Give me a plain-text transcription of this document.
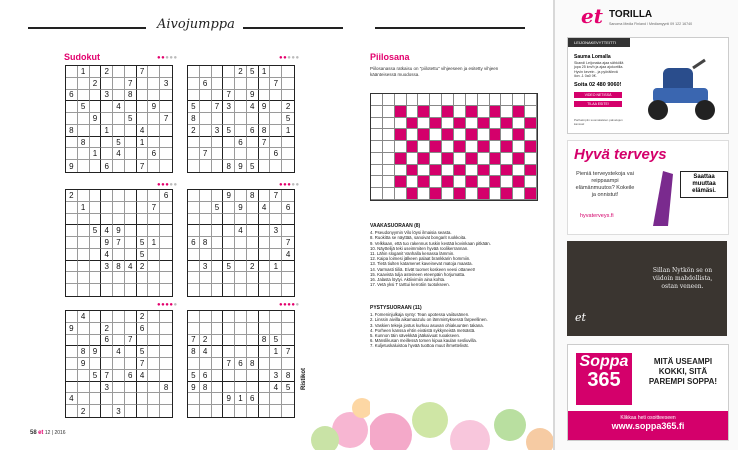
Aivojumppa
Sudokut	●●●●●	●●●●●
●●●●●	●●●●●
●●●●●	●●●●●
1	2	7
2	7	3
6	3	8
5	4	9
9	5	7
8	1	4
8	5	1
1	4	6
9	6	7
2 5 1
6	7
7	9
5	7 3	4 9	2
8	5
2	3 5	6 8	1
6	7
7	6
8 9 5
2	6
1	7
5 4 9
9 7	5 1
4	5
3 8 4 2
9	8	7
5	9	4	6
4	3
6 8	7
4
3	5	2	1
4	2
9	2	6
6	7
8 9	4	5
9	7
5 7	6 4
3	8
4
2	3
7 2	8 5
8 4	1 7
7 6 8
5 6	3 8
9 8	4 5
9 1 6
58 et 12 | 2016
Ristikot
Piilosana
Piilosanassa ratkaisu on "piilotettu" vihjeeseen ja esitetty vihjeen käänteisessä muodossa.
VAAKASUORAAN (8)
4. Pseudonyymin Vilo löysi ilmaisia seasta.
8. Ruokitta se näyttää, sanoivat bongarit ruokkoita.
9. Velkkaan, että tuo rakennus tuskin kestää kovinkaan pitkään.
10. Näyttelijä teki useimmiten hyvää roolikerrannan.
11. Lähin sloganit Vanhalla kenassa lämmin.
12. Kaipa loimesi jälkeen palaat brankkarin hommiin.
13. Tietä tiulten katamenet kaveinevat matoja maasta.
14. Varmasti tiiliä. Eivät tuomet koskeen veesi ottaneet!
15. Kaavista tulja asteineen eteenpäin horjumatta.
16. Jalasta löytyi. Aktiivimiin aina kohta.
17. Vetä yksi T tarttui kerrotiin tuotokseen.
PYSTYSUORAAN (11)
1. Fomeninjulkaja synty: Tean upotessa vaiitusänen.
2. Linssin aivilla aikamaazulu on lämmintyksessä farpeellinen.
3. Vaskien tekeja jostus kurkuu asuvan ohiakuunten takana.
4. Porheen kanssa ehtin eiväistä sykkyneistä metsästä.
5. Kunnon täin sävekkää jääkaivuat ruoakseen.
6. Mänslikusan meillessä tomen kipua kaulan sesliuvilla.
7. Kuljetuskaluistoa hyvää tuottoa muut ihmettelivät.
et TORILLA
Sanoma Media Finland / Mediamyynti 09 122 16740
LEIJONAKEVYTTEITTI
Sauma Lomalla
Skandi Leijonaka ajaa sähköllä jopa 25 km/h ja ajaa ajokortilla. Hyvin kevein - ja pyöräilevä ilon -1 0a0 0€.
Soita 02 480 9060!
VIDEO NETISSÄ
TILAA ESITE!
Parhaimpiin suomalaisten palvelujen kanssa!
Hyvä terveys
Pieniä terveystekoja vai reippaampi elämänmuutos? Kokeile ja onnistut!
hyvaterveys.fi
Saattaa muuttaa elämäsi.
Sillan Nytkön se on viidoin mahdollista, ostan veneen.
et
Soppa
365
MITÄ USEAMPI KOKKI, SITÄ PAREMPI SOPPA!
Klikkaa heti osoitteeseen
www.soppa365.fi
